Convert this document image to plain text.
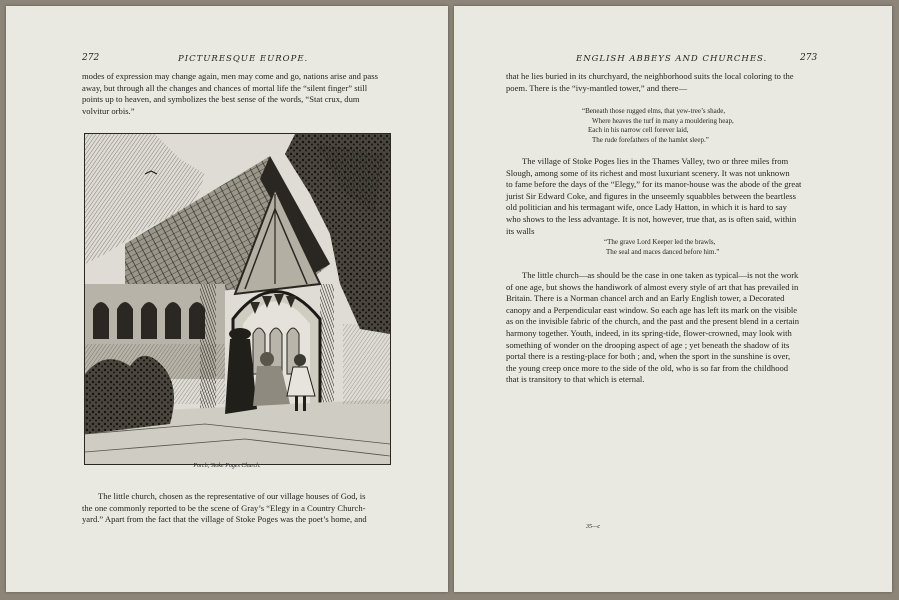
272	PICTURESQUE EUROPE.

modes of expression may change again, men may come and go, nations arise and pass

away, but through all the changes and chances of mortal life the “silent finger” still

points up to heaven, and symbolizes the best sense of the words, “Stat crux, dum

volvitur orbis.”

Porch, Stoke Poges Church.

The little church, chosen as the representative of our village houses of God, is

the one commonly reported to be the scene of Gray’s “Elegy in a Country Church-

yard.” Apart from the fact that the village of Stoke Poges was the poet’s home, and

ENGLISH ABBEYS AND CHURCHES.	273

that he lies buried in its churchyard, the neighborhood suits the local coloring to the

poem. There is the “ivy-mantled tower,” and there—

“Beneath those rugged elms, that yew-tree’s shade,
Where heaves the turf in many a mouldering heap,
Each in his narrow cell forever laid,
The rude forefathers of the hamlet sleep.”

The village of Stoke Poges lies in the Thames Valley, two or three miles from

Slough, among some of its richest and most luxuriant scenery. It was not unknown

to fame before the days of the “Elegy,” for its manor-house was the abode of the great

jurist Sir Edward Coke, and figures in the unseemly squabbles between the beartless

old politician and his termagant wife, once Lady Hatton, in which it is hard to say

who shows to the less advantage. It is not, however, true that, as is often said, within

its walls

“The grave Lord Keeper led the brawls,
The seal and maces danced before him.”

The little church—as should be the case in one taken as typical—is not the work

of one age, but shows the handiwork of almost every style of art that has prevailed in

Britain. There is a Norman chancel arch and an Early English tower, a Decorated

canopy and a Perpendicular east window. So each age has left its mark on the visible

as on the invisible fabric of the church, and the past and the present blend in a certain

harmony together. Youth, indeed, in its spring-tide, flower-crowned, may look with

something of wonder on the drooping aspect of age ; yet beneath the shadow of its

portal there is a resting-place for both ; and, when the sport in the sunshine is over,

the young creep once more to the side of the old, who is so far from the childhood

that is transitory to that which is eternal.

35—c
